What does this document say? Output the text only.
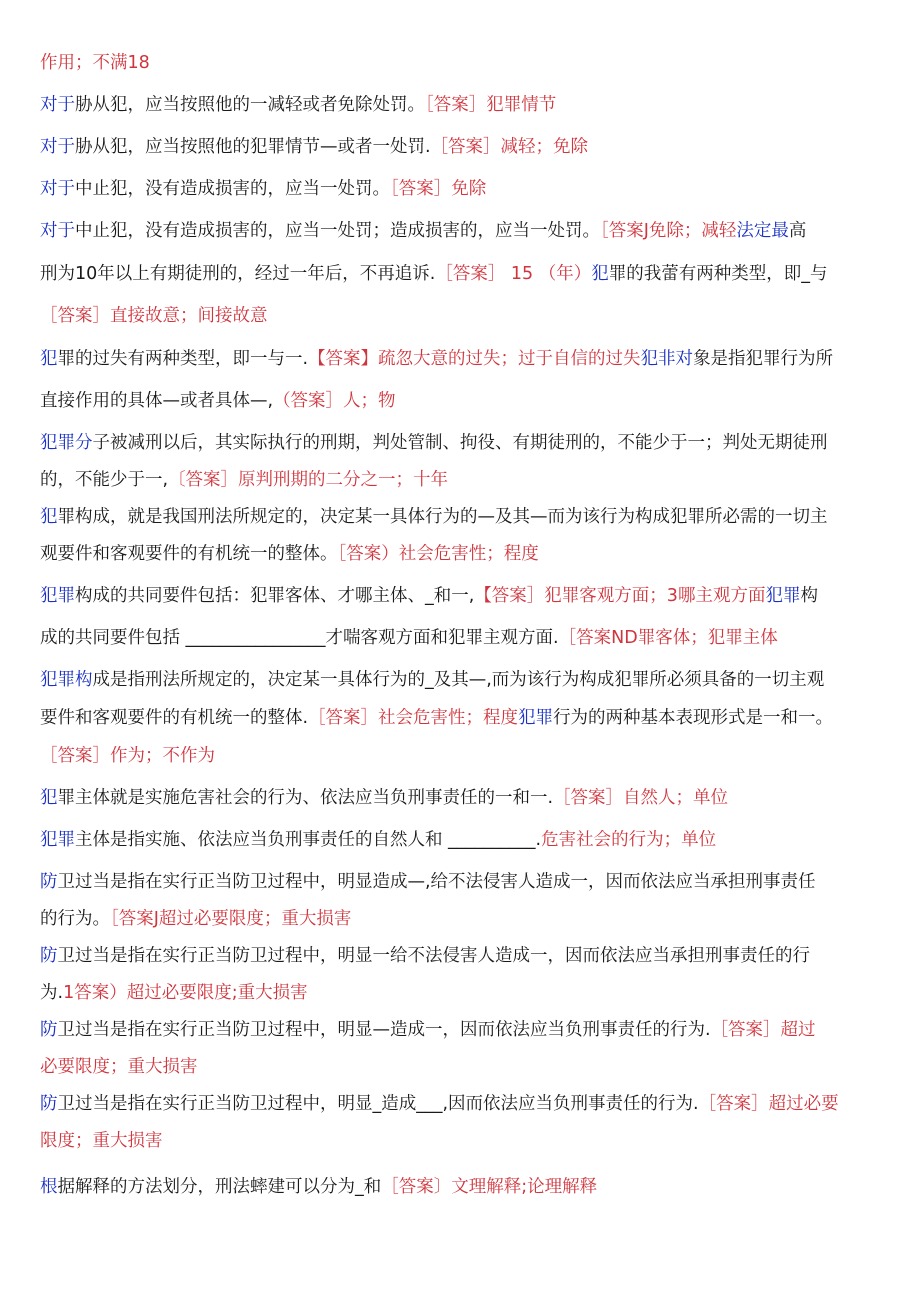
作用；不满18
对于胁从犯，应当按照他的一减轻或者免除处罚。［答案］犯罪情节
对于胁从犯，应当按照他的犯罪情节—或者一处罚.［答案］减轻；免除
对于中止犯，没有造成损害的，应当一处罚。［答案］免除
对于中止犯，没有造成损害的，应当一处罚；造成损害的，应当一处罚。［答案J免除；减轻法定最高
刑为10年以上有期徒刑的，经过一年后，不再追诉.［答案］ 15 （年）犯罪的我蕾有两种类型，即_与
［答案］直接故意；间接故意
犯罪的过失有两种类型，即一与一.【答案】疏忽大意的过失；过于自信的过失犯非对象是指犯罪行为所
直接作用的具体—或者具体—,（答案］人；物
犯罪分子被减刑以后，其实际执行的刑期，判处管制、拘役、有期徒刑的，不能少于一；判处无期徒刑
的，不能少于一,〔答案］原判刑期的二分之一；十年
犯罪构成，就是我国刑法所规定的，决定某一具体行为的—及其—而为该行为构成犯罪所必需的一切主
观要件和客观要件的有机统一的整体。［答案）社会危害性；程度
犯罪构成的共同要件包括：犯罪客体、才哪主体、_和一,【答案］犯罪客观方面；3哪主观方面犯罪构
成的共同要件包括 ________________才喘客观方面和犯罪主观方面.［答案ND罪客体；犯罪主体
犯罪构成是指刑法所规定的，决定某一具体行为的_及其—,而为该行为构成犯罪所必须具备的一切主观
要件和客观要件的有机统一的整体.［答案］社会危害性；程度犯罪行为的两种基本表现形式是一和一。
［答案］作为；不作为
犯罪主体就是实施危害社会的行为、依法应当负刑事责任的一和一.［答案］自然人；单位
犯罪主体是指实施、依法应当负刑事责任的自然人和 __________.危害社会的行为；单位
防卫过当是指在实行正当防卫过程中，明显造成—,给不法侵害人造成一，因而依法应当承担刑事责任
的行为。［答案J超过必要限度；重大损害
防卫过当是指在实行正当防卫过程中，明显一给不法侵害人造成一，因而依法应当承担刑事责任的行
为.1答案）超过必要限度;重大损害
防卫过当是指在实行正当防卫过程中，明显—造成一，因而依法应当负刑事责任的行为.［答案］超过
必要限度；重大损害
防卫过当是指在实行正当防卫过程中，明显_造成___,因而依法应当负刑事责任的行为.［答案］超过必要
限度；重大损害
根据解释的方法划分，刑法蟀建可以分为_和［答案〕文理解释;论理解释
